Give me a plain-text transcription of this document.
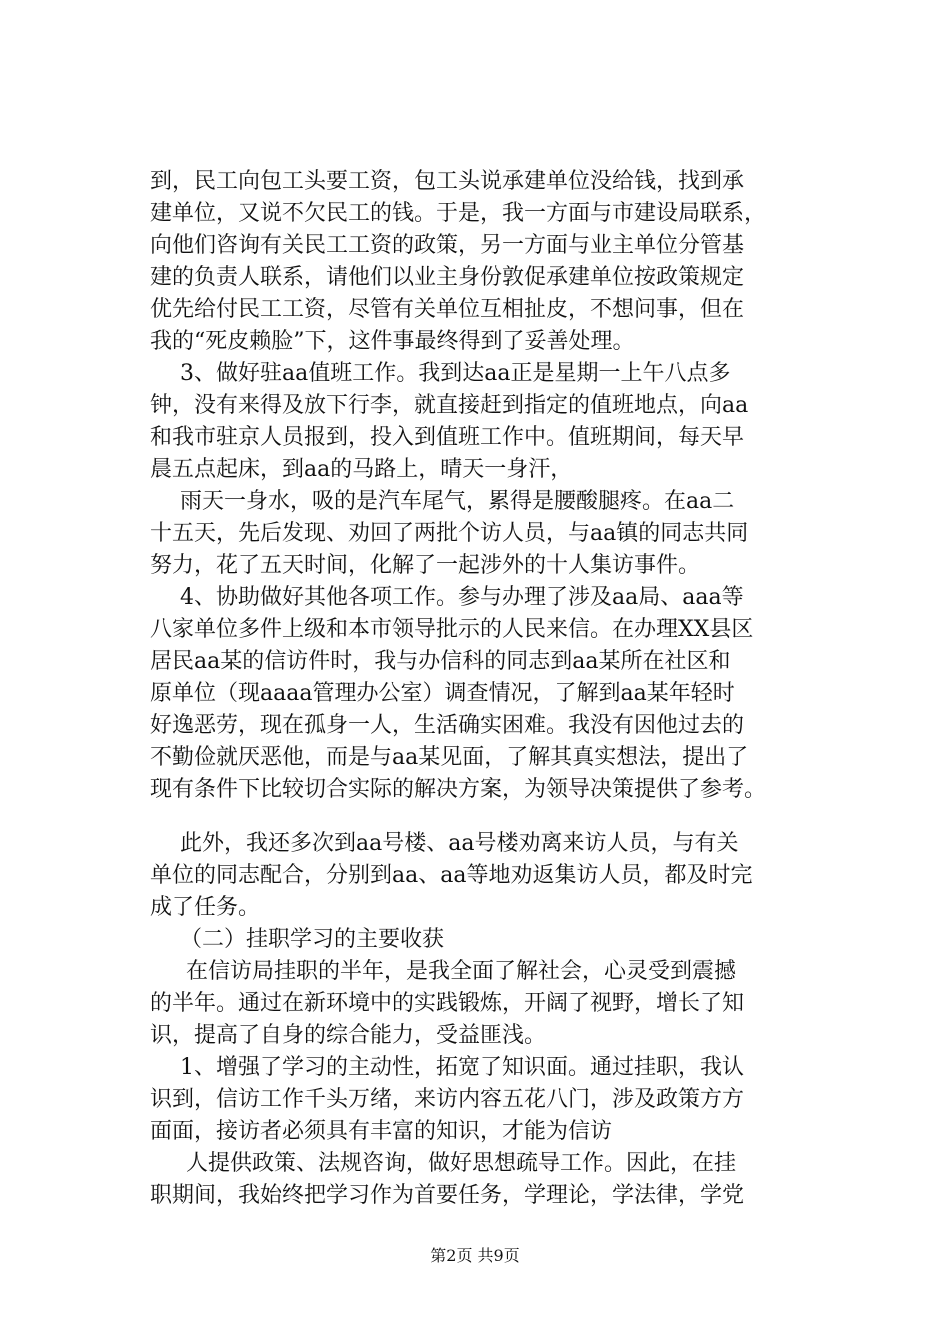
到，民工向包工头要工资，包工头说承建单位没给钱，找到承
建单位，又说不欠民工的钱。于是，我一方面与市建设局联系，
向他们咨询有关民工工资的政策，另一方面与业主单位分管基
建的负责人联系，请他们以业主身份敦促承建单位按政策规定
优先给付民工工资，尽管有关单位互相扯皮，不想问事，但在
我的“死皮赖脸”下，这件事最终得到了妥善处理。
3、做好驻aa值班工作。我到达aa正是星期一上午八点多
钟，没有来得及放下行李，就直接赶到指定的值班地点，向aa
和我市驻京人员报到，投入到值班工作中。值班期间，每天早
晨五点起床，到aa的马路上，晴天一身汗，
雨天一身水，吸的是汽车尾气，累得是腰酸腿疼。在aa二
十五天，先后发现、劝回了两批个访人员，与aa镇的同志共同
努力，花了五天时间，化解了一起涉外的十人集访事件。
4、协助做好其他各项工作。参与办理了涉及aa局、aaa等
八家单位多件上级和本市领导批示的人民来信。在办理XX县区
居民aa某的信访件时，我与办信科的同志到aa某所在社区和
原单位（现aaaa管理办公室）调查情况，了解到aa某年轻时
好逸恶劳，现在孤身一人，生活确实困难。我没有因他过去的
不勤俭就厌恶他，而是与aa某见面，了解其真实想法，提出了
现有条件下比较切合实际的解决方案，为领导决策提供了参考。
此外，我还多次到aa号楼、aa号楼劝离来访人员，与有关
单位的同志配合，分别到aa、aa等地劝返集访人员，都及时完
成了任务。
（二）挂职学习的主要收获
在信访局挂职的半年，是我全面了解社会，心灵受到震撼
的半年。通过在新环境中的实践锻炼，开阔了视野，增长了知
识，提高了自身的综合能力，受益匪浅。
1、增强了学习的主动性，拓宽了知识面。通过挂职，我认
识到，信访工作千头万绪，来访内容五花八门，涉及政策方方
面面，接访者必须具有丰富的知识，才能为信访
人提供政策、法规咨询，做好思想疏导工作。因此，在挂
职期间，我始终把学习作为首要任务，学理论，学法律，学党
第2页 共9页
